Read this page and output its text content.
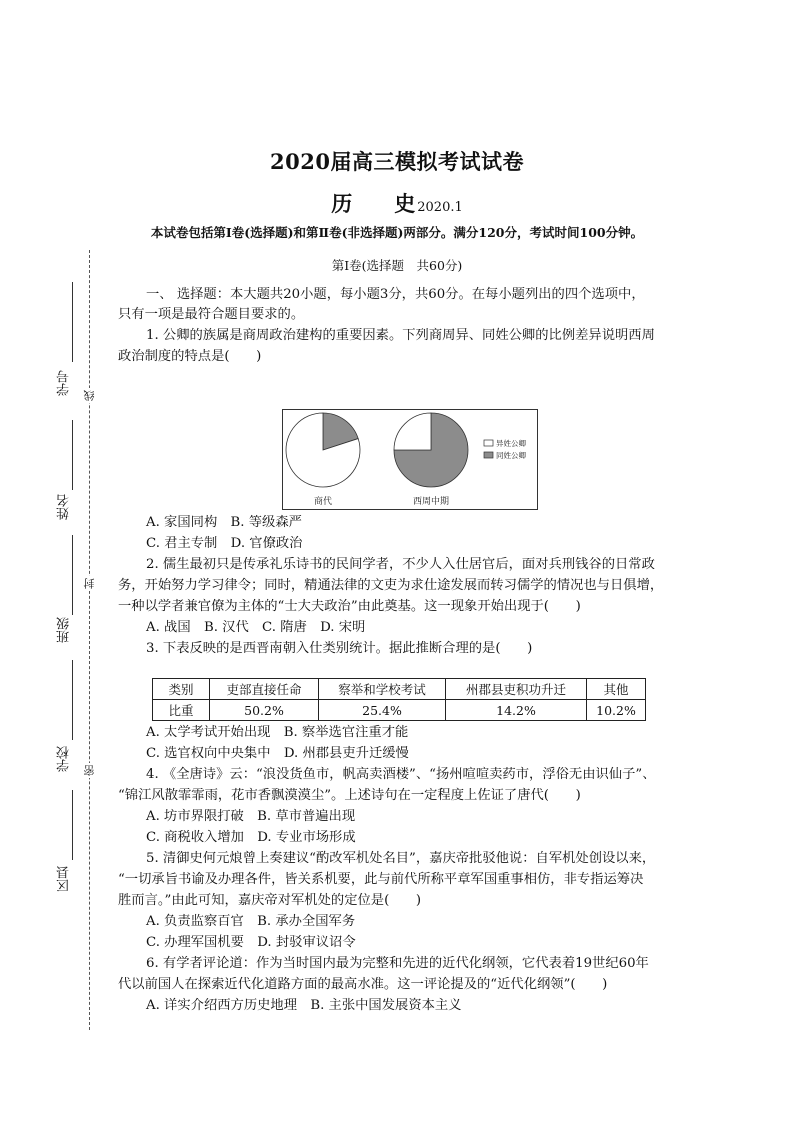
2020届高三模拟考试试卷
历　　史 2020.1
本试卷包括第Ⅰ卷(选择题)和第Ⅱ卷(非选择题)两部分。满分120分，考试时间100分钟。
第Ⅰ卷(选择题　共60分)
学号
姓名
班级
学校
区县
线
封
密
一、 选择题：本大题共20小题，每小题3分，共60分。在每小题列出的四个选项中，
只有一项是最符合题目要求的。
1. 公卿的族属是商周政治建构的重要因素。下列商周异、同姓公卿的比例差异说明西周
政治制度的特点是(　　)
商代	西周中期
异姓公卿
同姓公卿
A. 家国同构　B. 等级森严
C. 君主专制　D. 官僚政治
2. 儒生最初只是传承礼乐诗书的民间学者，不少人入仕居官后，面对兵刑钱谷的日常政
务，开始努力学习律令；同时，精通法律的文吏为求仕途发展而转习儒学的情况也与日俱增，
一种以学者兼官僚为主体的“士大夫政治”由此奠基。这一现象开始出现于(　　)
A. 战国　B. 汉代　C. 隋唐　D. 宋明
3. 下表反映的是西晋南朝入仕类别统计。据此推断合理的是(　　)
类别	吏部直接任命	察举和学校考试	州郡县吏积功升迁	其他
比重	50.2%	25.4%	14.2%	10.2%
A. 太学考试开始出现　B. 察举选官注重才能
C. 选官权向中央集中　D. 州郡县吏升迁缓慢
4. 《全唐诗》云：“浪没货鱼市，帆高卖酒楼”、“扬州喧喧卖药市，浮俗无由识仙子”、
“锦江风散霏霏雨，花市香飘漠漠尘”。上述诗句在一定程度上佐证了唐代(　　)
A. 坊市界限打破　B. 草市普遍出现
C. 商税收入增加　D. 专业市场形成
5. 清御史何元烺曾上奏建议“酌改军机处名目”，嘉庆帝批驳他说：自军机处创设以来，
“一切承旨书谕及办理各件，皆关系机要，此与前代所称平章军国重事相仿，非专指运筹决
胜而言。”由此可知，嘉庆帝对军机处的定位是(　　)
A. 负责监察百官　B. 承办全国军务
C. 办理军国机要　D. 封驳审议诏令
6. 有学者评论道：作为当时国内最为完整和先进的近代化纲领，它代表着19世纪60年
代以前国人在探索近代化道路方面的最高水准。这一评论提及的“近代化纲领”(　　)
A. 详实介绍西方历史地理　B. 主张中国发展资本主义
